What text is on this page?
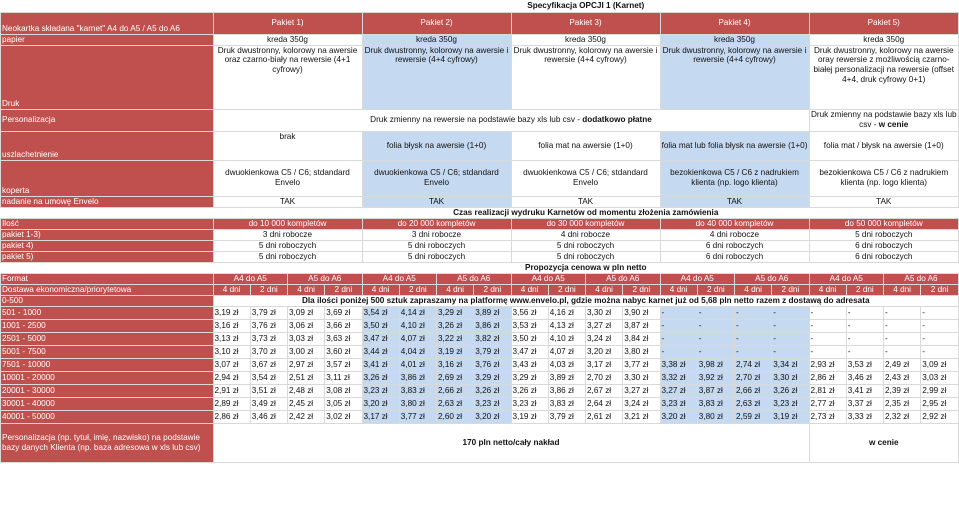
	Specyfikacja OPCJI 1 (Karnet)																			
Neokartka składana "karnet" A4 do A5 / A5 do A6	Pakiet 1)				Pakiet 2)				Pakiet 3)				Pakiet 4)				Pakiet 5)			
papier	kreda 350g				kreda 350g				kreda 350g				kreda 350g				kreda 350g			
Druk	Druk dwustronny, kolorowy na awersie oraz czarno-biały na rewersie (4+1 cyfrowy)				Druk dwustronny, kolorowy na awersie i rewersie (4+4 cyfrowy)				Druk dwustronny, kolorowy na awersie i rewersie (4+4 cyfrowy)				Druk dwustronny, kolorowy na awersie i rewersie (4+4 cyfrowy)				Druk dwustronny, kolorowy na awersie oray rewersie z możliwością czarno-białej personalizacji na rewersie (offset 4+4, druk cyfrowy 0+1)			
Personalizacja	Druk zmienny na rewersie na podstawie bazy xls lub csv - dodatkowo płatne																Druk zmienny na podstawie bazy xls lub csv - w cenie			
uszlachetnienie	brak				folia błysk na awersie (1+0)				folia mat na awersie (1+0)				folia mat lub folia błysk na awersie (1+0)				folia mat / błysk na awersie (1+0)			
koperta	dwuokienkowa C5 / C6; stdandard Envelo				dwuokienkowa C5 / C6; stdandard Envelo				dwuokienkowa C5 / C6; stdandard Envelo				bezokienkowa C5 / C6 z nadrukiem klienta (np. logo klienta)				bezokienkowa C5 / C6 z nadrukiem klienta (np. logo klienta)			
nadanie na umowę Envelo	TAK				TAK				TAK				TAK				TAK			
	Czas realizacji wydruku Karnetów od momentu złożenia zamówienia																			
Ilość	do 10 000 kompletów				do 20 000 kompletów				do 30 000 kompletów				do 40 000 kompletów				do 50 000 kompletów			
pakiet 1-3)	3 dni robocze				3 dni robocze				4 dni robocze				4 dni robocze				5 dni roboczych			
pakiet 4)	5 dni roboczych				5 dni roboczych				5 dni roboczych				6 dni roboczych				6 dni roboczych			
pakiet 5)	5 dni roboczych				5 dni roboczych				5 dni roboczych				6 dni roboczych				6 dni roboczych			
	Propozycja cenowa w pln netto																			
Format	A4 do A5		A5 do A6		A4 do A5		A5 do A6		A4 do A5		A5 do A6		A4 do A5		A5 do A6		A4 do A5		A5 do A6	
Dostawa ekonomiczna/priorytetowa	4 dni	2 dni	4 dni	2 dni	4 dni	2 dni	4 dni	2 dni	4 dni	2 dni	4 dni	2 dni	4 dni	2 dni	4 dni	2 dni	4 dni	2 dni	4 dni	2 dni
0-500	Dla ilości poniżej 500 sztuk zapraszamy na platformę www.envelo.pl, gdzie można nabyc karnet już od 5,68 pln netto razem z dostawą do adresata																			
501 - 1000	3,19 zł	3,79 zł	3,09 zł	3,69 zł	3,54 zł	4,14 zł	3,29 zł	3,89 zł	3,56 zł	4,16 zł	3,30 zł	3,90 zł	-	-	-	-	-	-	-	-
1001 - 2500	3,16 zł	3,76 zł	3,06 zł	3,66 zł	3,50 zł	4,10 zł	3,26 zł	3,86 zł	3,53 zł	4,13 zł	3,27 zł	3,87 zł	-	-	-	-	-	-	-	-
2501 - 5000	3,13 zł	3,73 zł	3,03 zł	3,63 zł	3,47 zł	4,07 zł	3,22 zł	3,82 zł	3,50 zł	4,10 zł	3,24 zł	3,84 zł	-	-	-	-	-	-	-	-
5001 - 7500	3,10 zł	3,70 zł	3,00 zł	3,60 zł	3,44 zł	4,04 zł	3,19 zł	3,79 zł	3,47 zł	4,07 zł	3,20 zł	3,80 zł	-	-	-	-	-	-	-	-
7501 - 10000	3,07 zł	3,67 zł	2,97 zł	3,57 zł	3,41 zł	4,01 zł	3,16 zł	3,76 zł	3,43 zł	4,03 zł	3,17 zł	3,77 zł	3,38 zł	3,98 zł	2,74 zł	3,34 zł	2,93 zł	3,53 zł	2,49 zł	3,09 zł
10001 - 20000	2,94 zł	3,54 zł	2,51 zł	3,11 zł	3,26 zł	3,86 zł	2,69 zł	3,29 zł	3,29 zł	3,89 zł	2,70 zł	3,30 zł	3,32 zł	3,92 zł	2,70 zł	3,30 zł	2,86 zł	3,46 zł	2,43 zł	3,03 zł
20001 - 30000	2,91 zł	3,51 zł	2,48 zł	3,08 zł	3,23 zł	3,83 zł	2,66 zł	3,26 zł	3,26 zł	3,86 zł	2,67 zł	3,27 zł	3,27 zł	3,87 zł	2,66 zł	3,26 zł	2,81 zł	3,41 zł	2,39 zł	2,99 zł
30001 - 40000	2,89 zł	3,49 zł	2,45 zł	3,05 zł	3,20 zł	3,80 zł	2,63 zł	3,23 zł	3,23 zł	3,83 zł	2,64 zł	3,24 zł	3,23 zł	3,83 zł	2,63 zł	3,23 zł	2,77 zł	3,37 zł	2,35 zł	2,95 zł
40001 - 50000	2,86 zł	3,46 zł	2,42 zł	3,02 zł	3,17 zł	3,77 zł	2,60 zł	3,20 zł	3,19 zł	3,79 zł	2,61 zł	3,21 zł	3,20 zł	3,80 zł	2,59 zł	3,19 zł	2,73 zł	3,33 zł	2,32 zł	2,92 zł
Personalizacja (np. tytuł, imię, nazwisko) na podstawie bazy danych Klienta (np. baza adresowa w xls lub csv)	170 pln netto/cały nakład																w cenie			
